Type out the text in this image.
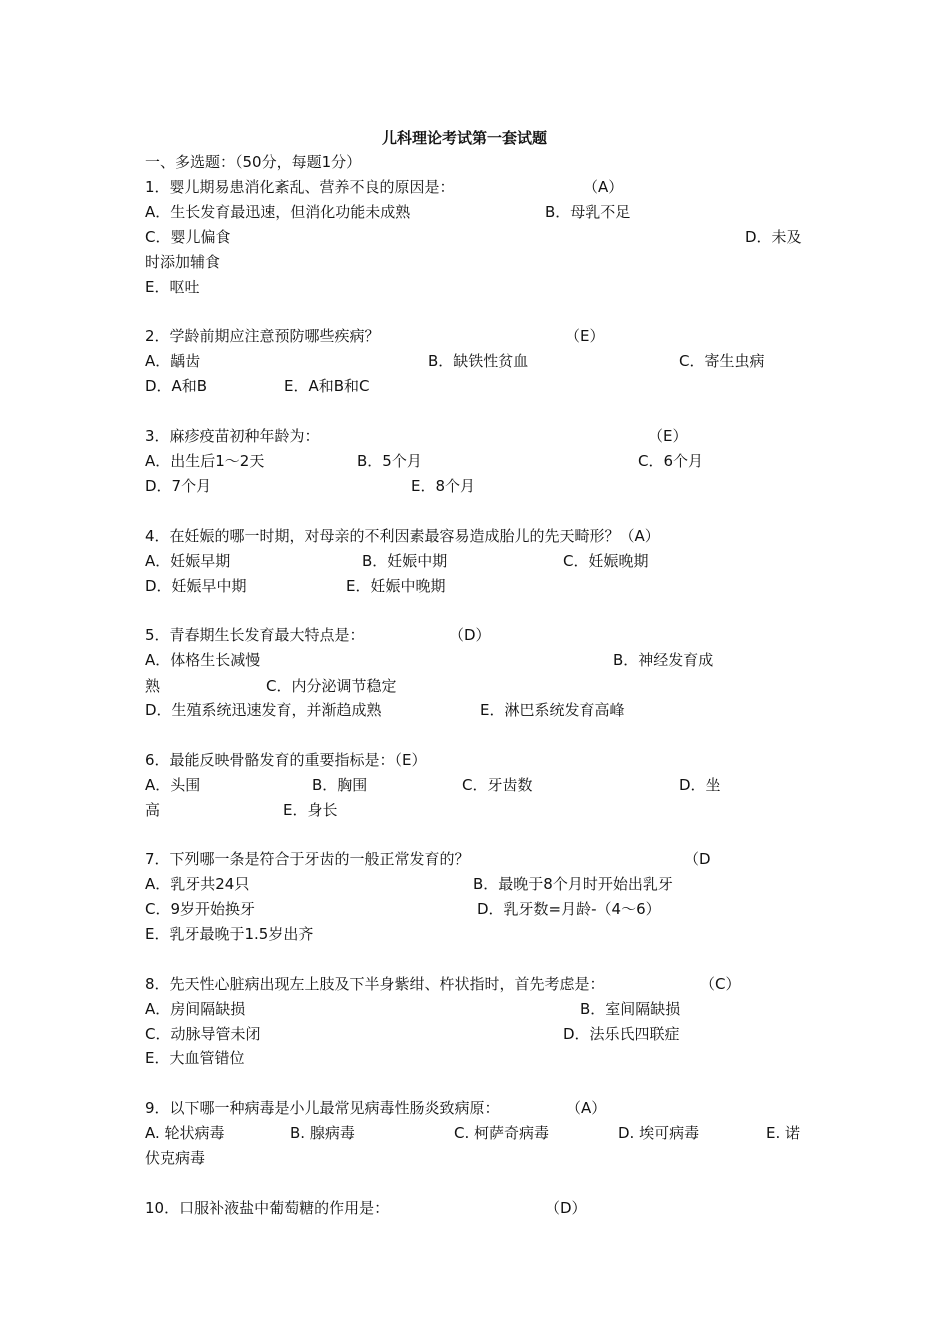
儿科理论考试第一套试题
一、多选题：（50分，每题1分）
1．婴儿期易患消化紊乱、营养不良的原因是：	（A）
A．生长发育最迅速，但消化功能未成熟	B．母乳不足
C．婴儿偏食	D．未及
时添加辅食
E．呕吐
2．学龄前期应注意预防哪些疾病？	（E）
A．龋齿	B．缺铁性贫血	C．寄生虫病
D．A和B	E．A和B和C
3．麻疹疫苗初种年龄为：	（E）
A．出生后1～2天	B．5个月	C．6个月
D．7个月	E．8个月
4．在妊娠的哪一时期，对母亲的不利因素最容易造成胎儿的先天畸形？（A）
A．妊娠早期	B．妊娠中期	C．妊娠晚期
D．妊娠早中期	E．妊娠中晚期
5．青春期生长发育最大特点是：	（D）
A．体格生长减慢	B．神经发育成
熟	C．内分泌调节稳定
D．生殖系统迅速发育，并渐趋成熟	E．淋巴系统发育高峰
6．最能反映骨骼发育的重要指标是：（E）
A．头围	B．胸围	C．牙齿数	D．坐
高	E．身长
7．下列哪一条是符合于牙齿的一般正常发育的？	（D
A．乳牙共24只	B．最晚于8个月时开始出乳牙
C．9岁开始换牙	D．乳牙数=月龄-（4～6）
E．乳牙最晚于1.5岁出齐
8．先天性心脏病出现左上肢及下半身紫绀、杵状指时，首先考虑是：	（C）
A．房间隔缺损	B．室间隔缺损
C．动脉导管未闭	D．法乐氏四联症
E．大血管错位
9．以下哪一种病毒是小儿最常见病毒性肠炎致病原：	（A）
A. 轮状病毒	B. 腺病毒	C. 柯萨奇病毒	D. 埃可病毒	E. 诺
伏克病毒
10．口服补液盐中葡萄糖的作用是：	（D）
